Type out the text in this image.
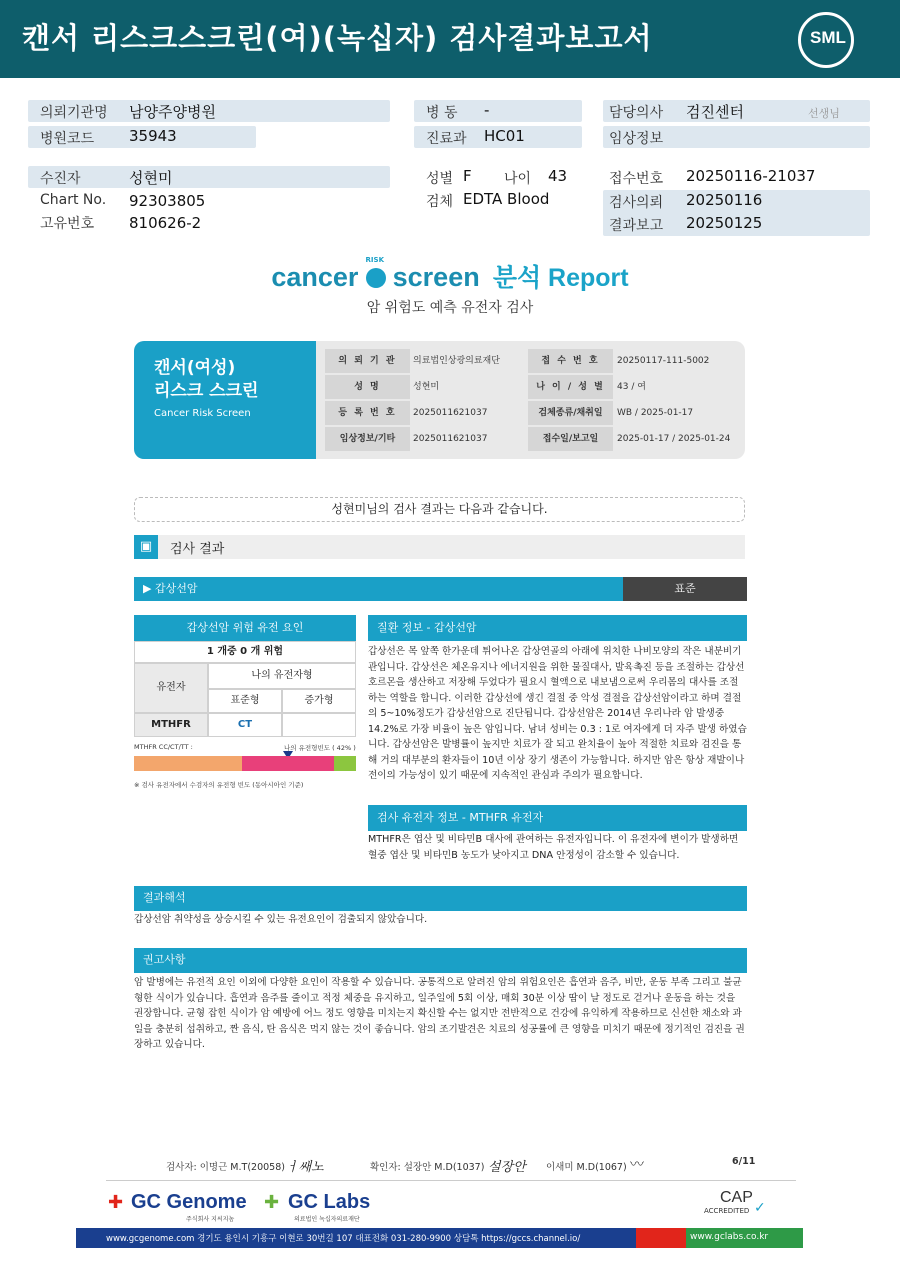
캔서 리스크스크린(여)(녹십자) 검사결과보고서	SML
의뢰기관명 남양주양병원
병원코드 35943
병 동 -
진료과 HC01
담당의사 검진센터	선생님
임상정보
수진자	성현미
Chart No. 92303805
고유번호 810626-2
성별 F 나이 43
검체 EDTA Blood
접수번호 20250116-21037
검사의뢰 20250116
결과보고 20250125
cancer
RISK
screen 분석 Report
암 위험도 예측 유전자 검사
캔서(여성)
리스크 스크린
Cancer Risk Screen
의 뢰 기 관	의료법인상광의료재단	접 수 번 호	20250117-111-5002
성 명	성현미	나 이 / 성 별	43 / 여
등 록 번 호	2025011621037	검체종류/채취일	WB / 2025-01-17
임상정보/기타	2025011621037	접수일/보고일	2025-01-17 / 2025-01-24
성현미님의 검사 결과는 다음과 같습니다.
▣	검사 결과
▶ 갑상선암	표준
갑상선암 위험 유전 요인
1 개중 0 개 위험
유전자
나의 유전자형
표준형	증가형
MTHFR	CT
MTHFR CC/CT/TT :	나의 유전형빈도 ( 42% )
※ 검사 유전자에서 수검자의 유전형 빈도 (동아시아인 기준)
질환 정보 - 갑상선암
갑상선은 목 앞쪽 한가운데 튀어나온 갑상연골의 아래에 위치한 나비모양의 작은 내분비기관입니다. 갑상선은 체온유지나 에너지원을 위한 물질대사, 발육촉진 등을 조절하는 갑상선 호르몬을 생산하고 저장해 두었다가 필요시 혈액으로 내보냄으로써 우리몸의 대사를 조절하는 역할을 합니다. 이러한 갑상선에 생긴 결절 중 악성 결절을 갑상선암이라고 하며 결절의 5~10%정도가 갑상선암으로 진단됩니다. 갑상선암은 2014년 우리나라 암 발생중 14.2%로 가장 비율이 높은 암입니다. 남녀 성비는 0.3 : 1로 여자에게 더 자주 발생 하였습니다. 갑상선암은 발병률이 높지만 치료가 잘 되고 완치율이 높아 적절한 치료와 검진을 통해 거의 대부분의 환자들이 10년 이상 장기 생존이 가능합니다. 하지만 암은 항상 재발이나 전이의 가능성이 있기 때문에 지속적인 관심과 주의가 필요합니다.
검사 유전자 정보 - MTHFR 유전자
MTHFR은 엽산 및 비타민B 대사에 관여하는 유전자입니다. 이 유전자에 변이가 발생하면 혈중 엽산 및 비타민B 농도가 낮아지고 DNA 안정성이 감소할 수 있습니다.
결과해석
갑상선암 취약성을 상승시킬 수 있는 유전요인이 검출되지 않았습니다.
권고사항
암 발병에는 유전적 요인 이외에 다양한 요인이 작용할 수 있습니다. 공통적으로 알려진 암의 위험요인은 흡연과 음주, 비만, 운동 부족 그리고 불균형한 식이가 있습니다. 흡연과 음주를 줄이고 적정 체중을 유지하고, 일주일에 5회 이상, 매회 30분 이상 땀이 날 정도로 걷거나 운동을 하는 것을 권장합니다. 균형 잡힌 식이가 암 예방에 어느 정도 영향을 미치는지 확신할 수는 없지만 전반적으로 건강에 유익하게 작용하므로 신선한 채소와 과일을 충분히 섭취하고, 짠 음식, 탄 음식은 먹지 않는 것이 좋습니다. 암의 조기발견은 치료의 성공률에 큰 영향을 미치기 때문에 정기적인 검진을 권장하고 있습니다.
검사자: 이명근 M.T(20058) ㅓ쌔노	확인자: 설장안 M.D(1037) 설장안 이새미 M.D(1067) 〰	6/11
✚ GC Genome
주식회사 지씨지놈
✚ GC Labs
의료법인 녹십자의료재단
CAP
ACCREDITED ✓
www.gcgenome.com 경기도 용인시 기흥구 이현로 30번길 107 대표전화 031-280-9900 상담톡 https://gccs.channel.io/	www.gclabs.co.kr
